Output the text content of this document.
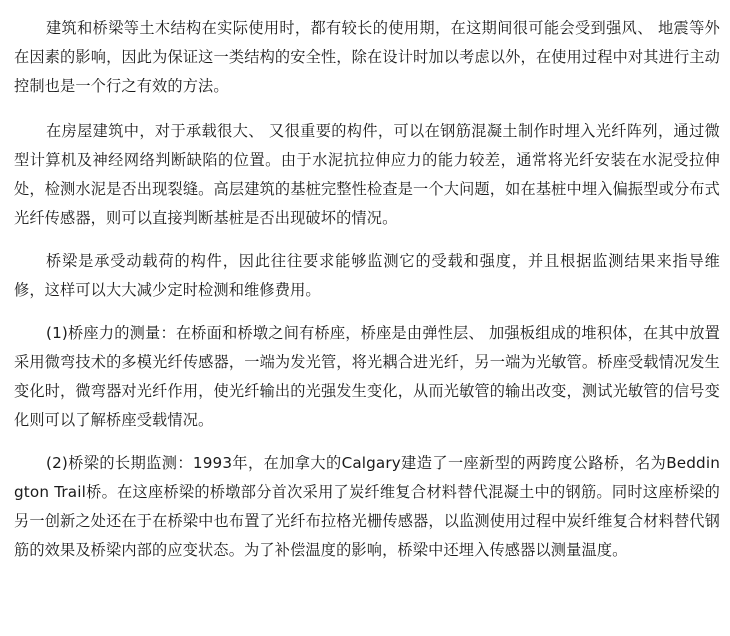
建筑和桥梁等土木结构在实际使用时，都有较长的使用期，在这期间很可能会受到强风、 地震等外在因素的影响，因此为保证这一类结构的安全性，除在设计时加以考虑以外，在使用过程中对其进行主动控制也是一个行之有效的方法。

在房屋建筑中，对于承载很大、 又很重要的构件，可以在钢筋混凝土制作时埋入光纤阵列，通过微型计算机及神经网络判断缺陷的位置。由于水泥抗拉伸应力的能力较差，通常将光纤安装在水泥受拉伸处，检测水泥是否出现裂缝。高层建筑的基桩完整性检查是一个大问题，如在基桩中埋入偏振型或分布式光纤传感器，则可以直接判断基桩是否出现破坏的情况。

桥梁是承受动载荷的构件，因此往往要求能够监测它的受载和强度，并且根据监测结果来指导维修，这样可以大大减少定时检测和维修费用。

(1)桥座力的测量：在桥面和桥墩之间有桥座，桥座是由弹性层、 加强板组成的堆积体，在其中放置采用微弯技术的多模光纤传感器，一端为发光管，将光耦合进光纤，另一端为光敏管。桥座受载情况发生变化时，微弯器对光纤作用，使光纤输出的光强发生变化，从而光敏管的输出改变，测试光敏管的信号变化则可以了解桥座受载情况。

(2)桥梁的长期监测：1993年，在加拿大的Calgary建造了一座新型的两跨度公路桥，名为Beddington Trail桥。在这座桥梁的桥墩部分首次采用了炭纤维复合材料替代混凝土中的钢筋。同时这座桥梁的另一创新之处还在于在桥梁中也布置了光纤布拉格光栅传感器，以监测使用过程中炭纤维复合材料替代钢筋的效果及桥梁内部的应变状态。为了补偿温度的影响，桥梁中还埋入传感器以测量温度。
